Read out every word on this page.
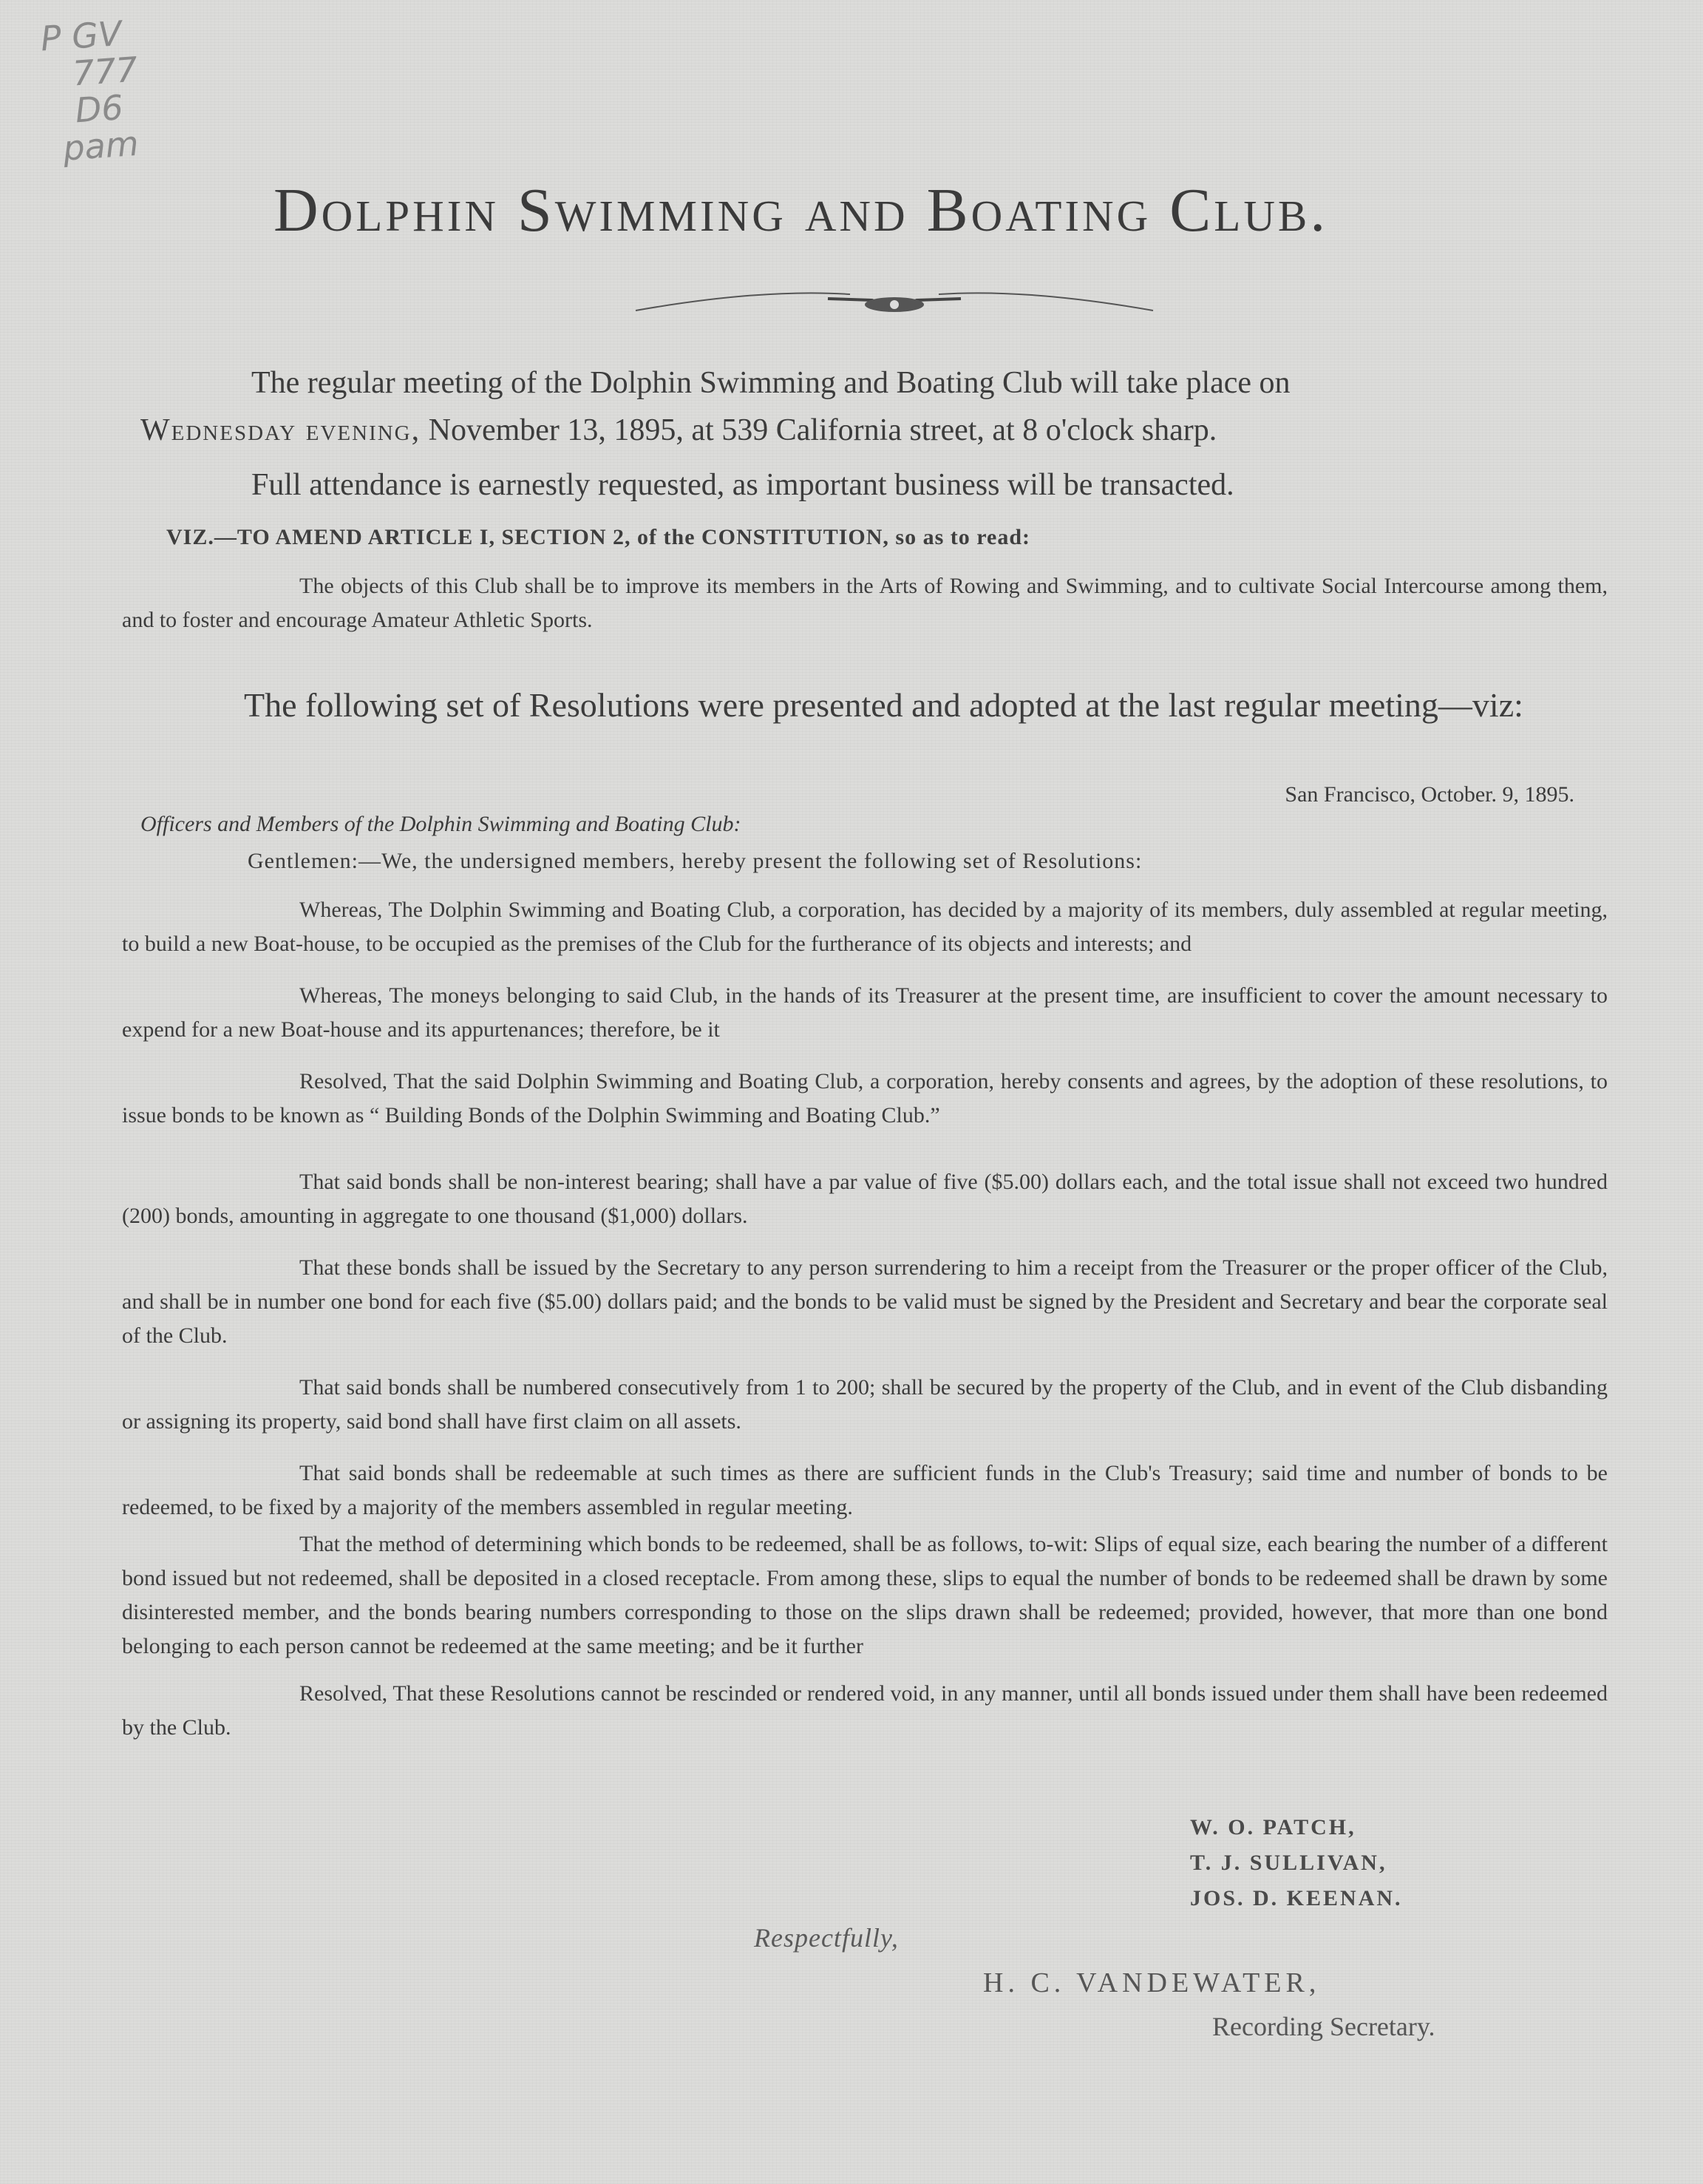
P GV
777
D6
pam
Dolphin Swimming and Boating Club.
The regular meeting of the Dolphin Swimming and Boating Club will take place on
Wednesday evening, November 13, 1895, at 539 California street, at 8 o'clock sharp.
Full attendance is earnestly requested, as important business will be transacted.
VIZ.—TO AMEND ARTICLE I, SECTION 2, of the CONSTITUTION, so as to read:

The objects of this Club shall be to improve its members in the Arts of Rowing and Swimming, and to cultivate Social Intercourse among them, and to foster and encourage Amateur Athletic Sports.

The following set of Resolutions were presented and adopted at the last regular meeting—viz:
San Francisco, October. 9, 1895.
Officers and Members of the Dolphin Swimming and Boating Club:
Gentlemen:—We, the undersigned members, hereby present the following set of Resolutions:

Whereas, The Dolphin Swimming and Boating Club, a corporation, has decided by a majority of its members, duly assembled at regular meeting, to build a new Boat-house, to be occupied as the premises of the Club for the furtherance of its objects and interests; and

Whereas, The moneys belonging to said Club, in the hands of its Treasurer at the present time, are insufficient to cover the amount necessary to expend for a new Boat-house and its appurtenances; therefore, be it

Resolved, That the said Dolphin Swimming and Boating Club, a corporation, hereby consents and agrees, by the adoption of these resolutions, to issue bonds to be known as “ Building Bonds of the Dolphin Swimming and Boating Club.”

That said bonds shall be non-interest bearing; shall have a par value of five ($5.00) dollars each, and the total issue shall not exceed two hundred (200) bonds, amounting in aggregate to one thousand ($1,000) dollars.

That these bonds shall be issued by the Secretary to any person surrendering to him a receipt from the Treasurer or the proper officer of the Club, and shall be in number one bond for each five ($5.00) dollars paid; and the bonds to be valid must be signed by the President and Secretary and bear the corporate seal of the Club.

That said bonds shall be numbered consecutively from 1 to 200; shall be secured by the property of the Club, and in event of the Club disbanding or assigning its property, said bond shall have first claim on all assets.

That said bonds shall be redeemable at such times as there are sufficient funds in the Club's Treasury; said time and number of bonds to be redeemed, to be fixed by a majority of the members assembled in regular meeting.

That the method of determining which bonds to be redeemed, shall be as follows, to-wit: Slips of equal size, each bearing the number of a different bond issued but not redeemed, shall be deposited in a closed receptacle. From among these, slips to equal the number of bonds to be redeemed shall be drawn by some disinterested member, and the bonds bearing numbers corresponding to those on the slips drawn shall be redeemed; provided, however, that more than one bond belonging to each person cannot be redeemed at the same meeting; and be it further

Resolved, That these Resolutions cannot be rescinded or rendered void, in any manner, until all bonds issued under them shall have been redeemed by the Club.

W. O. PATCH,
T. J. SULLIVAN,
JOS. D. KEENAN.
Respectfully,
H. C. VANDEWATER,
Recording Secretary.
